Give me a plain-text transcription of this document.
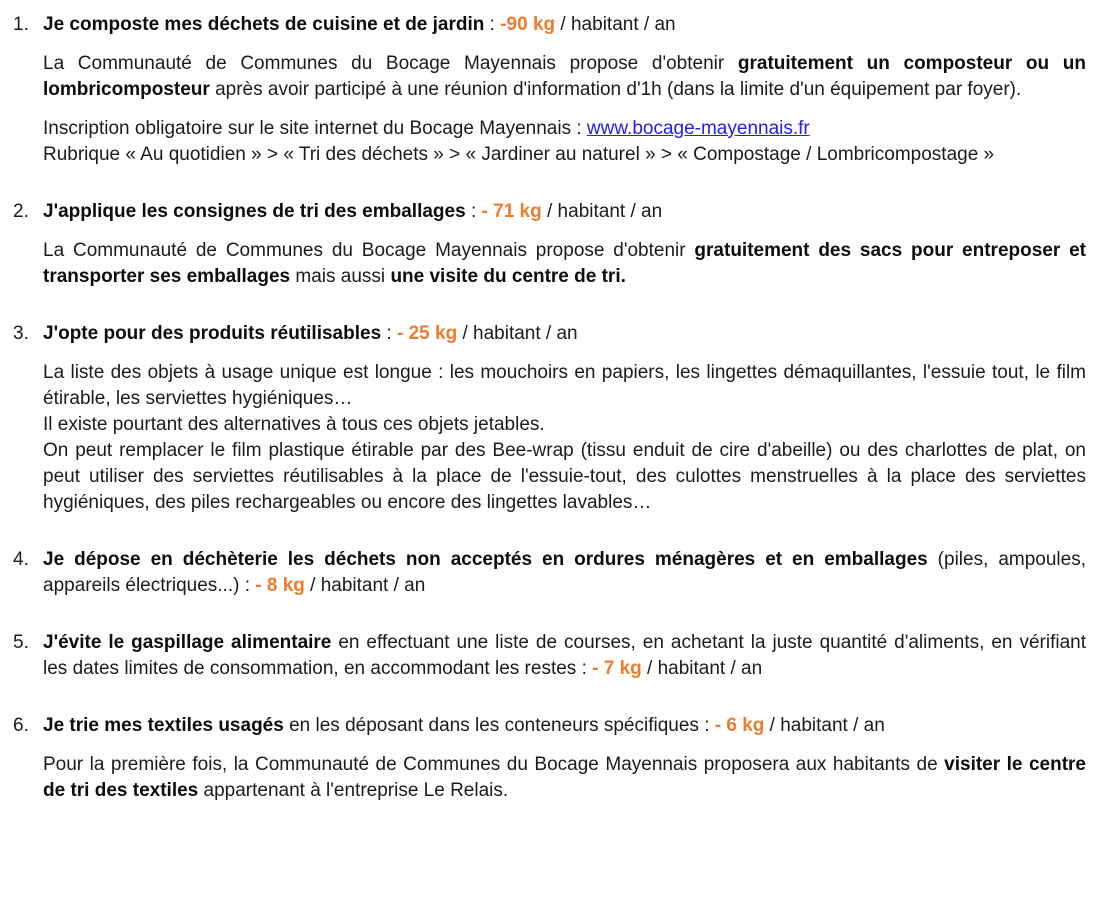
1. Je composte mes déchets de cuisine et de jardin : -90 kg / habitant / an

La Communauté de Communes du Bocage Mayennais propose d'obtenir gratuitement un composteur ou un lombricomposteur après avoir participé à une réunion d'information d'1h (dans la limite d'un équipement par foyer).

Inscription obligatoire sur le site internet du Bocage Mayennais : www.bocage-mayennais.fr

Rubrique « Au quotidien » > « Tri des déchets » > « Jardiner au naturel » > « Compostage / Lombricompostage »

2. J'applique les consignes de tri des emballages : - 71 kg / habitant / an

La Communauté de Communes du Bocage Mayennais propose d'obtenir gratuitement des sacs pour entreposer et transporter ses emballages mais aussi une visite du centre de tri.

3. J'opte pour des produits réutilisables : - 25 kg / habitant / an

La liste des objets à usage unique est longue : les mouchoirs en papiers, les lingettes démaquillantes, l'essuie tout, le film étirable, les serviettes hygiéniques…

Il existe pourtant des alternatives à tous ces objets jetables.

On peut remplacer le film plastique étirable par des Bee-wrap (tissu enduit de cire d'abeille) ou des charlottes de plat, on peut utiliser des serviettes réutilisables à la place de l'essuie-tout, des culottes menstruelles à la place des serviettes hygiéniques, des piles rechargeables ou encore des lingettes lavables…

4. Je dépose en déchèterie les déchets non acceptés en ordures ménagères et en emballages (piles, ampoules, appareils électriques...) : - 8 kg / habitant / an
5. J'évite le gaspillage alimentaire en effectuant une liste de courses, en achetant la juste quantité d'aliments, en vérifiant les dates limites de consommation, en accommodant les restes : - 7 kg / habitant / an
6. Je trie mes textiles usagés en les déposant dans les conteneurs spécifiques : - 6 kg / habitant / an

Pour la première fois, la Communauté de Communes du Bocage Mayennais proposera aux habitants de visiter le centre de tri des textiles appartenant à l'entreprise Le Relais.
